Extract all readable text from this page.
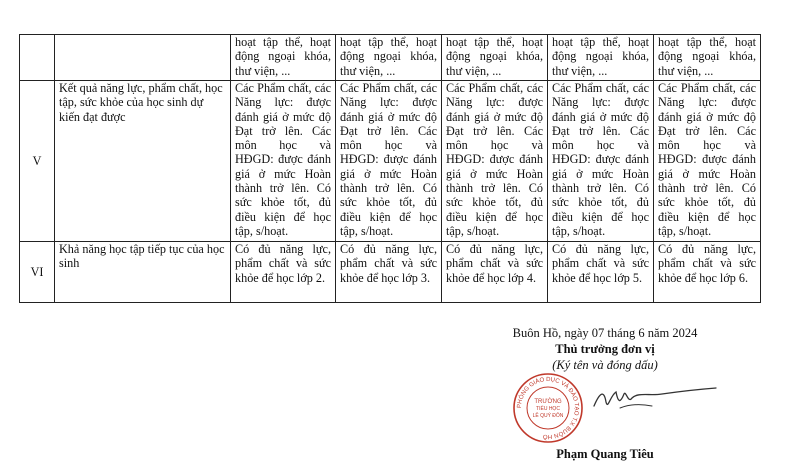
		hoạt tập thể, hoạt động ngoại khóa, thư viện, ...	hoạt tập thể, hoạt động ngoại khóa, thư viện, ...	hoạt tập thể, hoạt động ngoại khóa, thư viện, ...	hoạt tập thể, hoạt động ngoại khóa, thư viện, ...	hoạt tập thể, hoạt động ngoại khóa, thư viện, ...
V	Kết quả năng lực, phẩm chất, học tập, sức khỏe của học sinh dự kiến đạt được	Các Phẩm chất, các Năng lực: được đánh giá ở mức độ Đạt trở lên. Các môn học và HĐGD: được đánh giá ở mức Hoàn thành trở lên. Có sức khỏe tốt, đủ điều kiện để học tập, s/hoạt.	Các Phẩm chất, các Năng lực: được đánh giá ở mức độ Đạt trở lên. Các môn học và HĐGD: được đánh giá ở mức Hoàn thành trở lên. Có sức khỏe tốt, đủ điều kiện để học tập, s/hoạt.	Các Phẩm chất, các Năng lực: được đánh giá ở mức độ Đạt trở lên. Các môn học và HĐGD: được đánh giá ở mức Hoàn thành trở lên. Có sức khỏe tốt, đủ điều kiện để học tập, s/hoạt.	Các Phẩm chất, các Năng lực: được đánh giá ở mức độ Đạt trở lên. Các môn học và HĐGD: được đánh giá ở mức Hoàn thành trở lên. Có sức khỏe tốt, đủ điều kiện để học tập, s/hoạt.	Các Phẩm chất, các Năng lực: được đánh giá ở mức độ Đạt trở lên. Các môn học và HĐGD: được đánh giá ở mức Hoàn thành trở lên. Có sức khỏe tốt, đủ điều kiện để học tập, s/hoạt.
VI	Khả năng học tập tiếp tục của học sinh	Có đủ năng lực, phẩm chất và sức khỏe để học lớp 2.	Có đủ năng lực, phẩm chất và sức khỏe để học lớp 3.	Có đủ năng lực, phẩm chất và sức khỏe để học lớp 4.	Có đủ năng lực, phẩm chất và sức khỏe để học lớp 5.	Có đủ năng lực, phẩm chất và sức khỏe để học lớp 6.
Buôn Hồ, ngày 07 tháng 6 năm 2024
Thủ trưởng đơn vị
(Ký tên và đóng dấu)
PHÒNG GIÁO DỤC VÀ ĐÀO TẠO T.X BUÔN HỒ
TRƯỜNG
TIỂU HỌC
LÊ QUÝ ĐÔN
Phạm Quang Tiêu
